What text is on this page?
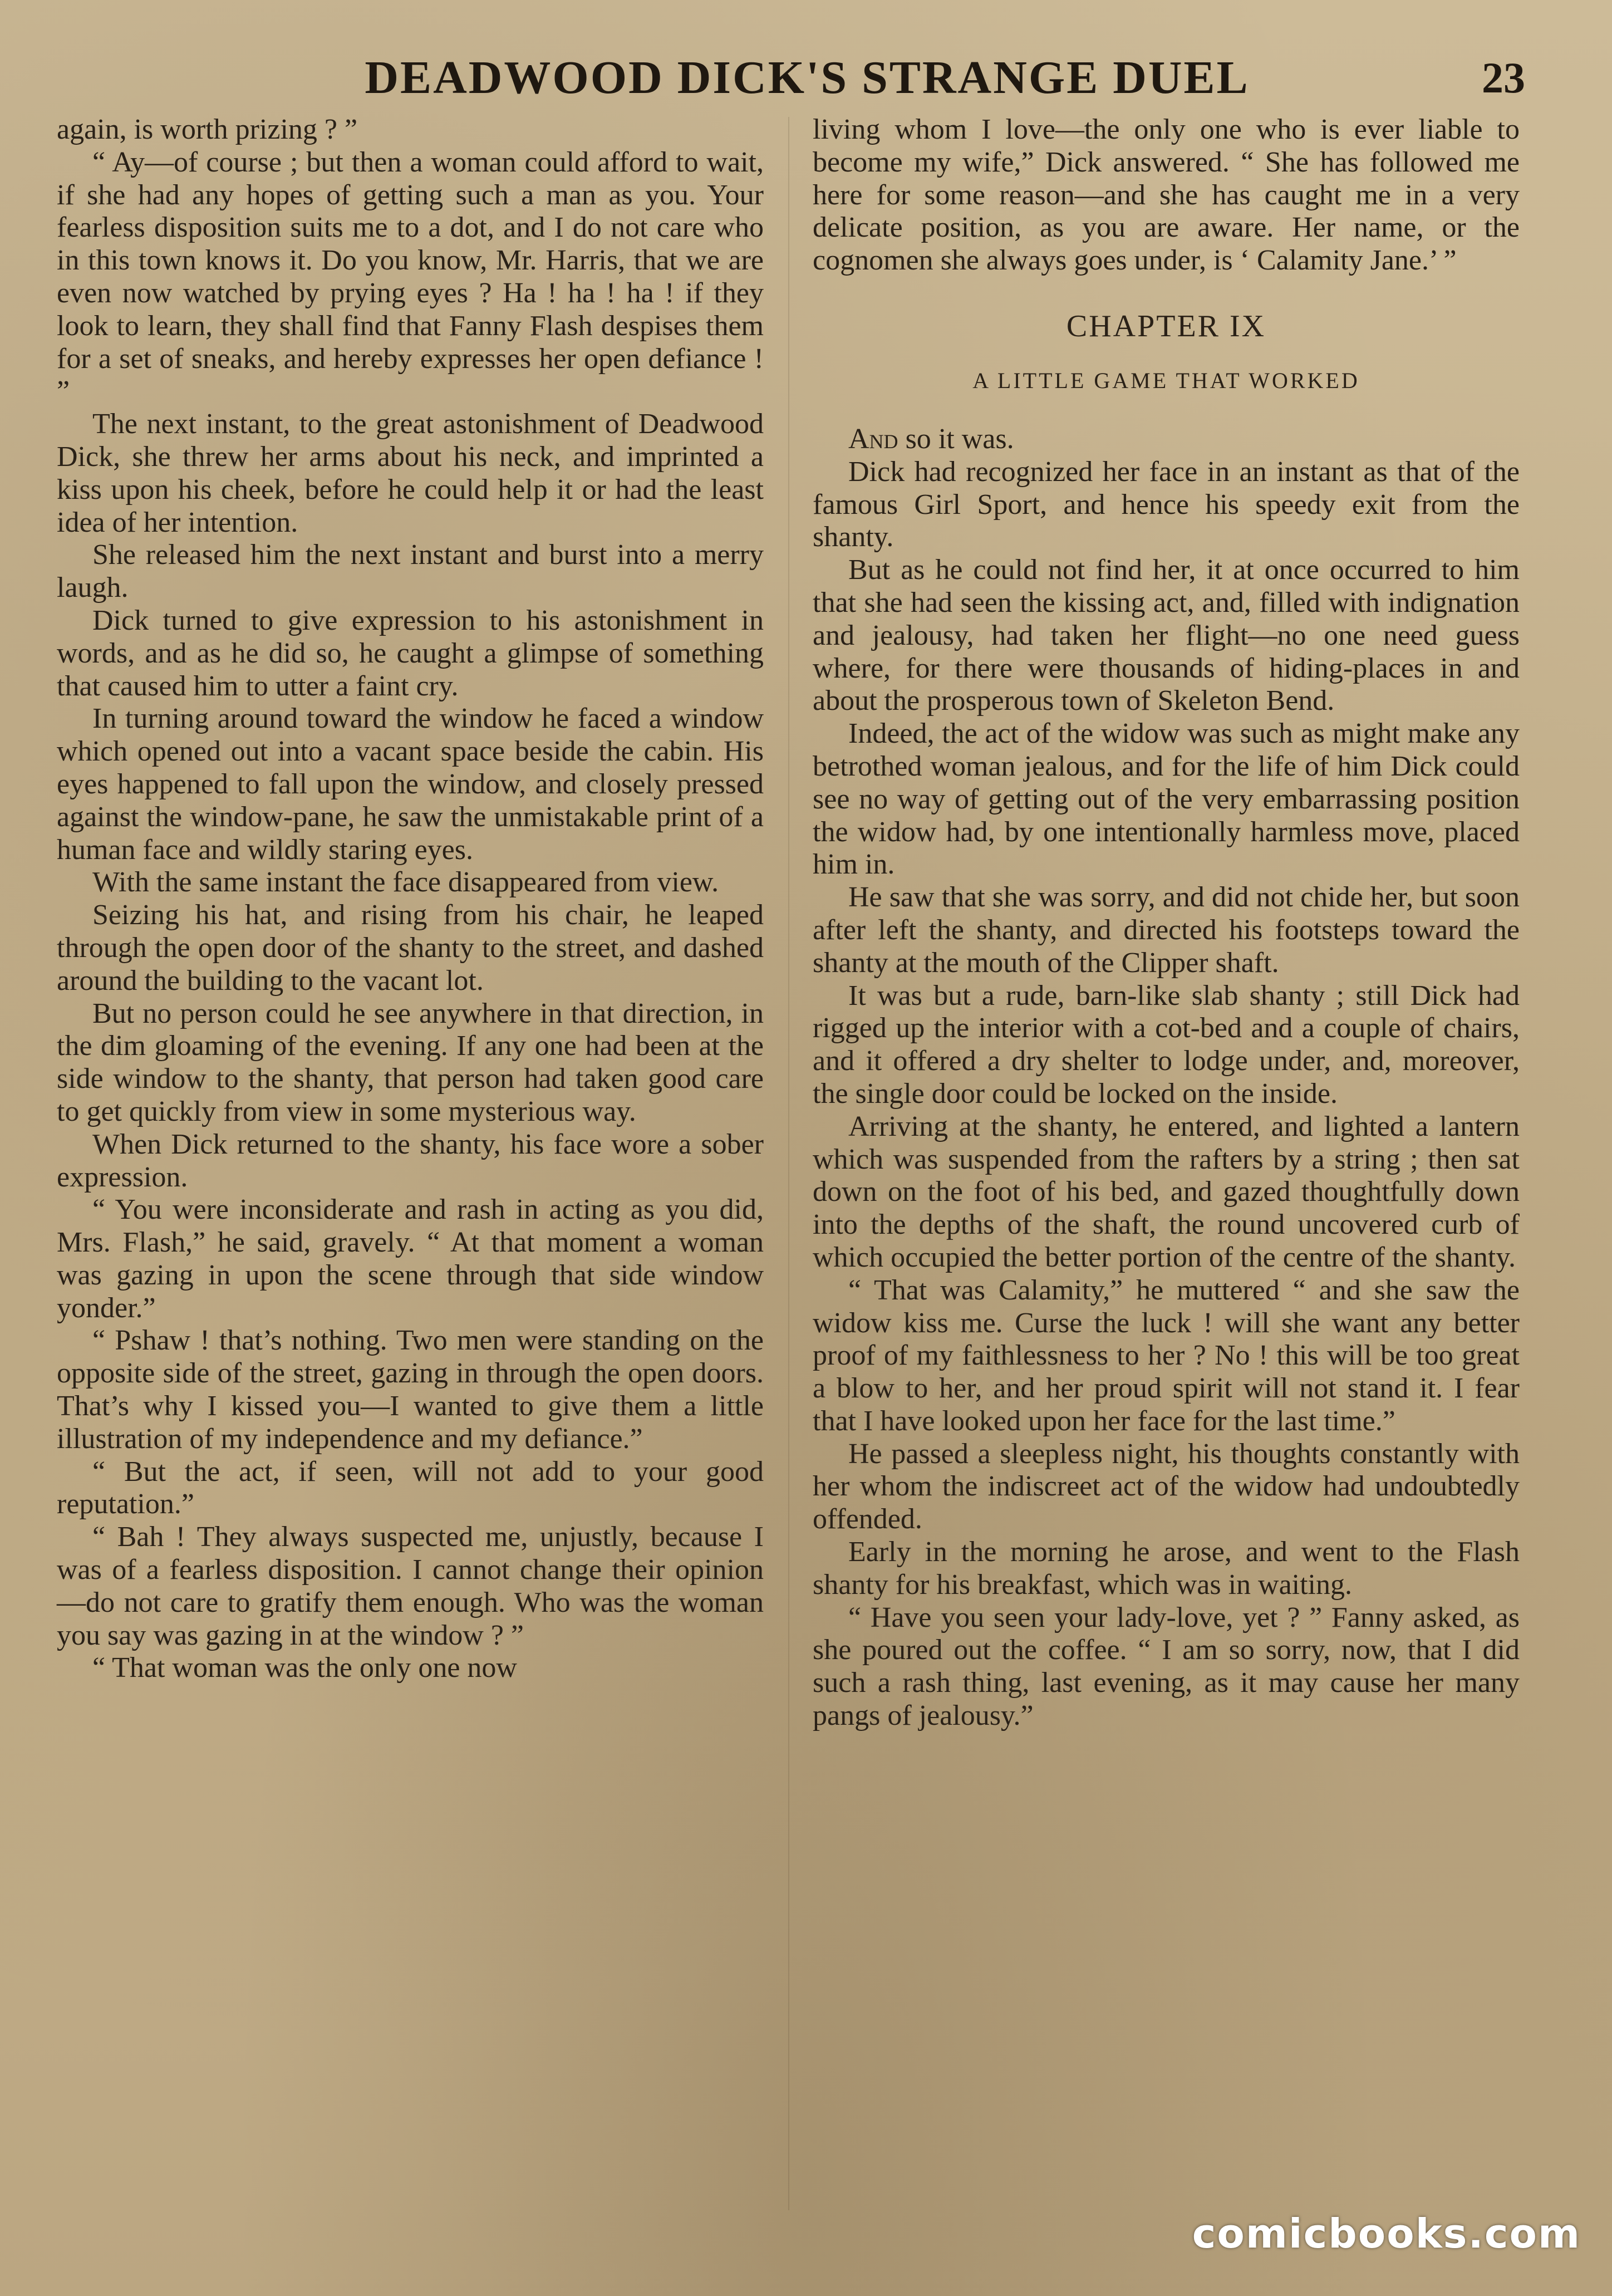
DEADWOOD DICK'S STRANGE DUEL	23

again, is worth prizing ? ”

“ Ay—of course ; but then a woman could afford to wait, if she had any hopes of getting such a man as you. Your fearless disposition suits me to a dot, and I do not care who in this town knows it. Do you know, Mr. Harris, that we are even now watched by prying eyes ? Ha ! ha ! ha ! if they look to learn, they shall find that Fanny Flash despises them for a set of sneaks, and hereby expresses her open defiance ! ”

The next instant, to the great astonishment of Deadwood Dick, she threw her arms about his neck, and imprinted a kiss upon his cheek, before he could help it or had the least idea of her intention.

She released him the next instant and burst into a merry laugh.

Dick turned to give expression to his astonishment in words, and as he did so, he caught a glimpse of something that caused him to utter a faint cry.

In turning around toward the window he faced a window which opened out into a vacant space beside the cabin. His eyes happened to fall upon the window, and closely pressed against the window-pane, he saw the unmistakable print of a human face and wildly staring eyes.

With the same instant the face disappeared from view.

Seizing his hat, and rising from his chair, he leaped through the open door of the shanty to the street, and dashed around the building to the vacant lot.

But no person could he see anywhere in that direction, in the dim gloaming of the evening. If any one had been at the side window to the shanty, that person had taken good care to get quickly from view in some mysterious way.

When Dick returned to the shanty, his face wore a sober expression.

“ You were inconsiderate and rash in acting as you did, Mrs. Flash,” he said, gravely. “ At that moment a woman was gazing in upon the scene through that side window yonder.”

“ Pshaw ! that’s nothing. Two men were standing on the opposite side of the street, gazing in through the open doors. That’s why I kissed you—I wanted to give them a little illustration of my independence and my defiance.”

“ But the act, if seen, will not add to your good reputation.”

“ Bah ! They always suspected me, unjustly, because I was of a fearless disposition. I cannot change their opinion—do not care to gratify them enough. Who was the woman you say was gazing in at the window ? ”

“ That woman was the only one now

living whom I love—the only one who is ever liable to become my wife,” Dick answered. “ She has followed me here for some reason—and she has caught me in a very delicate position, as you are aware. Her name, or the cognomen she always goes under, is ‘ Calamity Jane.’ ”

CHAPTER IX
A LITTLE GAME THAT WORKED

And so it was.

Dick had recognized her face in an instant as that of the famous Girl Sport, and hence his speedy exit from the shanty.

But as he could not find her, it at once occurred to him that she had seen the kissing act, and, filled with indignation and jealousy, had taken her flight—no one need guess where, for there were thousands of hiding-places in and about the prosperous town of Skeleton Bend.

Indeed, the act of the widow was such as might make any betrothed woman jealous, and for the life of him Dick could see no way of getting out of the very embarrassing position the widow had, by one intentionally harmless move, placed him in.

He saw that she was sorry, and did not chide her, but soon after left the shanty, and directed his footsteps toward the shanty at the mouth of the Clipper shaft.

It was but a rude, barn-like slab shanty ; still Dick had rigged up the interior with a cot-bed and a couple of chairs, and it offered a dry shelter to lodge under, and, moreover, the single door could be locked on the inside.

Arriving at the shanty, he entered, and lighted a lantern which was suspended from the rafters by a string ; then sat down on the foot of his bed, and gazed thoughtfully down into the depths of the shaft, the round uncovered curb of which occupied the better portion of the centre of the shanty.

“ That was Calamity,” he muttered “ and she saw the widow kiss me. Curse the luck ! will she want any better proof of my faithlessness to her ? No ! this will be too great a blow to her, and her proud spirit will not stand it. I fear that I have looked upon her face for the last time.”

He passed a sleepless night, his thoughts constantly with her whom the indiscreet act of the widow had undoubtedly offended.

Early in the morning he arose, and went to the Flash shanty for his breakfast, which was in waiting.

“ Have you seen your lady-love, yet ? ” Fanny asked, as she poured out the coffee. “ I am so sorry, now, that I did such a rash thing, last evening, as it may cause her many pangs of jealousy.”

comicbooks.com
